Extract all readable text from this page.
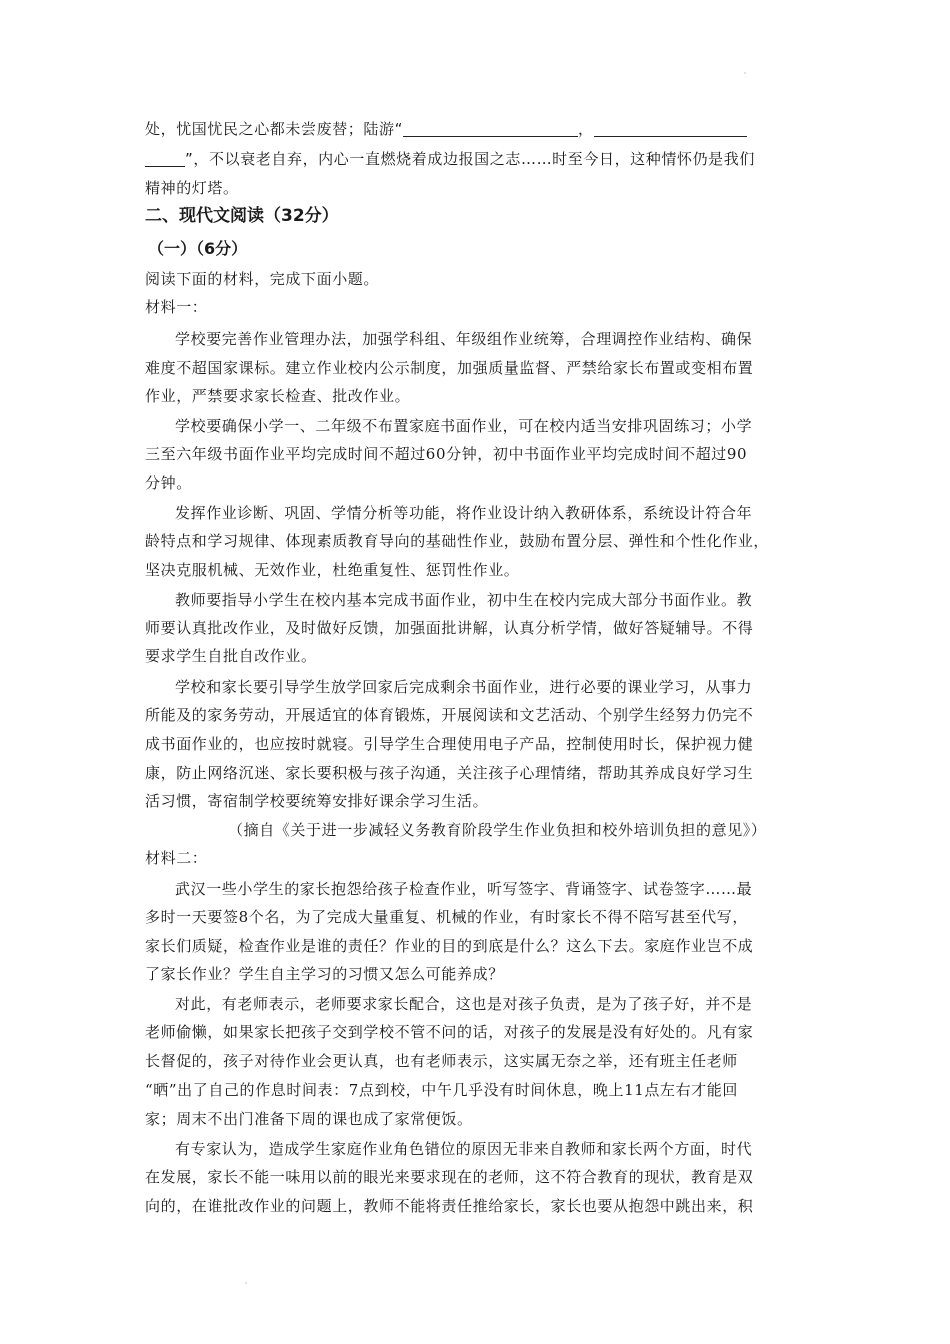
处，忧国忧民之心都未尝废替；陆游“	，
”，不以衰老自弃，内心一直燃烧着成边报国之志……时至今日，这种情怀仍是我们
精神的灯塔。
二、现代文阅读（32分）
（一）（6分）
阅读下面的材料，完成下面小题。
材料一：
学校要完善作业管理办法，加强学科组、年级组作业统筹，合理调控作业结构、确保
难度不超国家课标。建立作业校内公示制度，加强质量监督、严禁给家长布置或变相布置
作业，严禁要求家长检查、批改作业。
学校要确保小学一、二年级不布置家庭书面作业，可在校内适当安排巩固练习；小学
三至六年级书面作业平均完成时间不超过60分钟，初中书面作业平均完成时间不超过90
分钟。
发挥作业诊断、巩固、学情分析等功能，将作业设计纳入教研体系，系统设计符合年
龄特点和学习规律、体现素质教育导向的基础性作业，鼓励布置分层、弹性和个性化作业，
坚决克服机械、无效作业，杜绝重复性、惩罚性作业。
教师要指导小学生在校内基本完成书面作业，初中生在校内完成大部分书面作业。教
师要认真批改作业，及时做好反馈，加强面批讲解，认真分析学情，做好答疑辅导。不得
要求学生自批自改作业。
学校和家长要引导学生放学回家后完成剩余书面作业，进行必要的课业学习，从事力
所能及的家务劳动，开展适宜的体育锻炼，开展阅读和文艺活动、个别学生经努力仍完不
成书面作业的，也应按时就寝。引导学生合理使用电子产品，控制使用时长，保护视力健
康，防止网络沉迷、家长要积极与孩子沟通，关注孩子心理情绪，帮助其养成良好学习生
活习惯，寄宿制学校要统筹安排好课余学习生活。
（摘自《关于进一步减轻义务教育阶段学生作业负担和校外培训负担的意见》）
材料二：
武汉一些小学生的家长抱怨给孩子检查作业，听写签字、背诵签字、试卷签字……最
多时一天要签8个名，为了完成大量重复、机械的作业，有时家长不得不陪写甚至代写，
家长们质疑，检查作业是谁的责任？作业的目的到底是什么？这么下去。家庭作业岂不成
了家长作业？学生自主学习的习惯又怎么可能养成？
对此，有老师表示，老师要求家长配合，这也是对孩子负责，是为了孩子好，并不是
老师偷懒，如果家长把孩子交到学校不管不问的话，对孩子的发展是没有好处的。凡有家
长督促的，孩子对待作业会更认真，也有老师表示，这实属无奈之举，还有班主任老师
“晒”出了自己的作息时间表：7点到校，中午几乎没有时间休息，晚上11点左右才能回
家；周末不出门准备下周的课也成了家常便饭。
有专家认为，造成学生家庭作业角色错位的原因无非来自教师和家长两个方面，时代
在发展，家长不能一味用以前的眼光来要求现在的老师，这不符合教育的现状，教育是双
向的，在谁批改作业的问题上，教师不能将责任推给家长，家长也要从抱怨中跳出来，积
